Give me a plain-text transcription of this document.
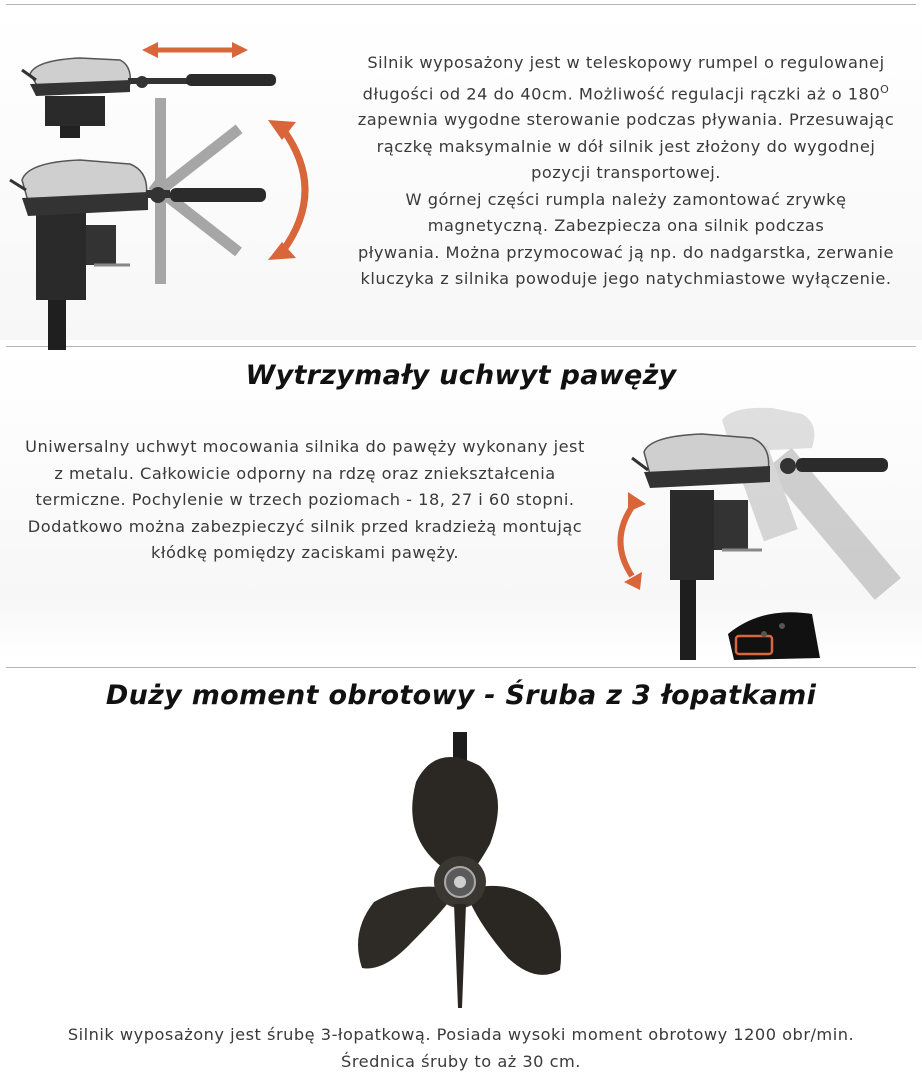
Silnik wyposażony jest w teleskopowy rumpel o regulowanej
długości od 24 do 40cm. Możliwość regulacji rączki aż o $180^O$
zapewnia wygodne sterowanie podczas pływania. Przesuwając
rączkę maksymalnie w dół silnik jest złożony do wygodnej
pozycji transportowej.
W górnej części rumpla należy zamontować zrywkę
magnetyczną. Zabezpiecza ona silnik podczas
pływania. Można przymocować ją np. do nadgarstka, zerwanie
kluczyka z silnika powoduje jego natychmiastowe wyłączenie.
Wytrzymały uchwyt pawęży
Uniwersalny uchwyt mocowania silnika do pawęży wykonany jest
z metalu. Całkowicie odporny na rdzę oraz zniekształcenia
termiczne. Pochylenie w trzech poziomach - 18, 27 i 60 stopni.
Dodatkowo można zabezpieczyć silnik przed kradzieżą montując
kłódkę pomiędzy zaciskami pawęży.
Duży moment obrotowy - Śruba z 3 łopatkami
Silnik wyposażony jest śrubę 3-łopatkową. Posiada wysoki moment obrotowy 1200 obr/min.
Średnica śruby to aż 30 cm.
